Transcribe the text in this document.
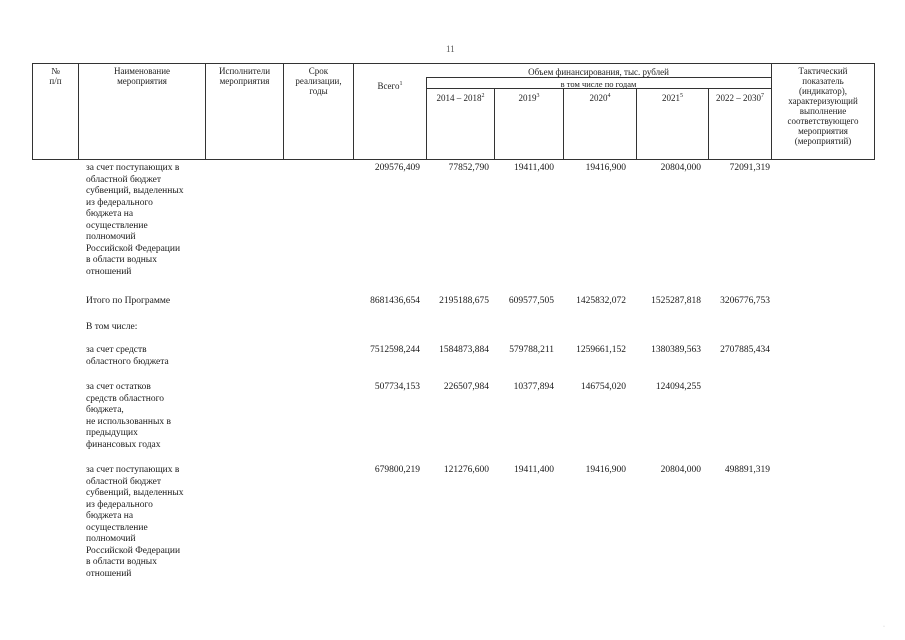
11
№
п/п
Наименование
мероприятия
Исполнители
мероприятия
Срок
реализации,
годы	Всего$^1$
Объем финансирования, тыс. рублей
в том числе по годам
2014 – 2018$^2$	2019$^3$	2020$^4$	2021$^5$	2022 – 2030$^7$
Тактический
показатель
(индикатор),
характеризующий
выполнение
соответствующего
мероприятия
(мероприятий)
за счет поступающих в
областной бюджет
субвенций, выделенных
из федерального
бюджета на
осуществление
полномочий
Российской Федерации
в области водных
отношений
209576,409	77852,790	19411,400	19416,900	20804,000	72091,319
Итого по Программе	8681436,654	2195188,675	609577,505	1425832,072	1525287,818	3206776,753
В том числе:
за счет средств
областного бюджета
7512598,244	1584873,884	579788,211	1259661,152	1380389,563	2707885,434
за счет остатков
средств областного
бюджета,
не использованных в
предыдущих
финансовых годах
507734,153	226507,984	10377,894	146754,020	124094,255
за счет поступающих в
областной бюджет
субвенций, выделенных
из федерального
бюджета на
осуществление
полномочий
Российской Федерации
в области водных
отношений
679800,219	121276,600	19411,400	19416,900	20804,000	498891,319
·
